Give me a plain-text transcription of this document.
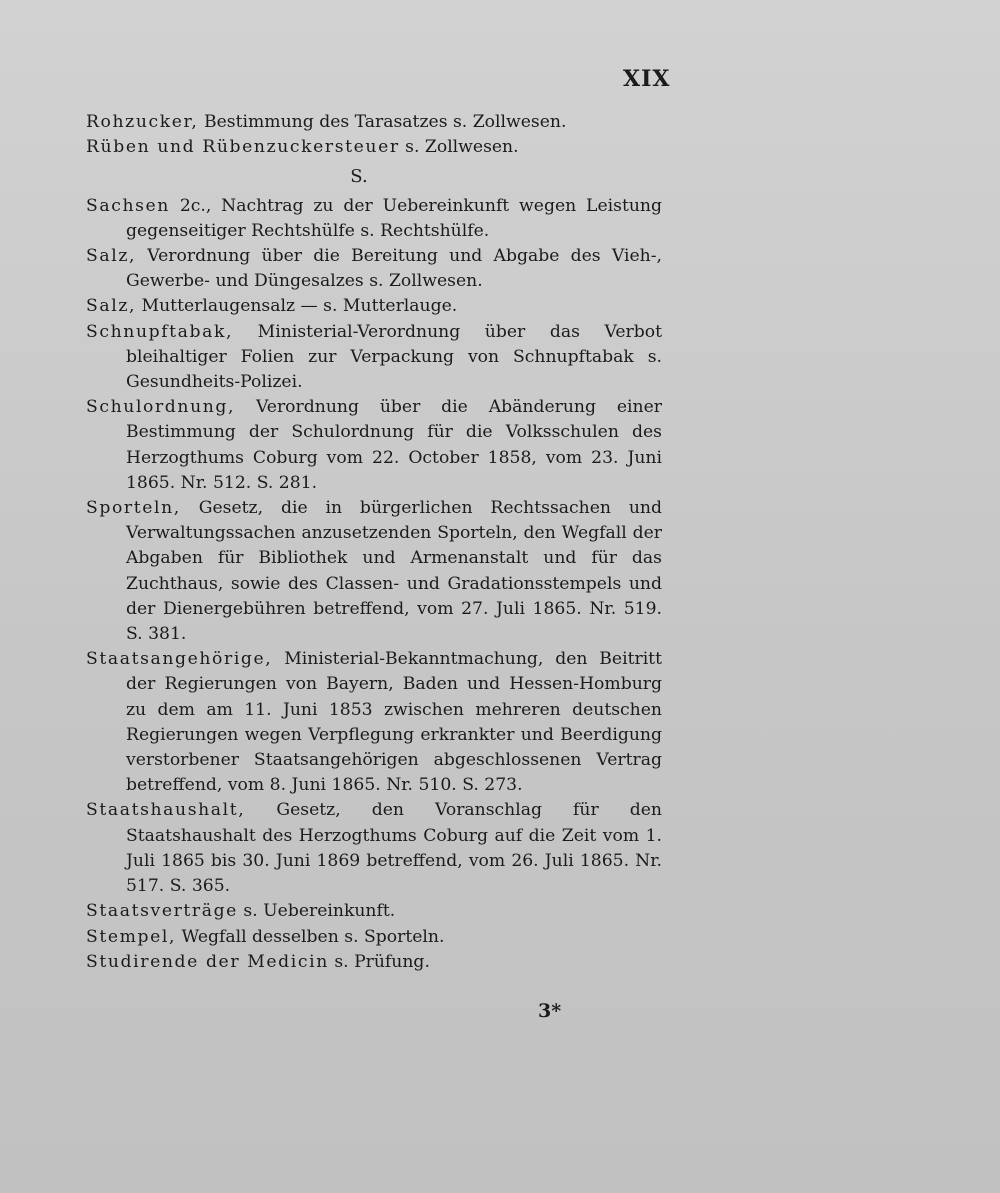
XIX

Rohzucker, Bestimmung des Tarasatzes s. Zollwesen.

Rüben und Rübenzuckersteuer s. Zollwesen.

S.

Sachsen 2c., Nachtrag zu der Uebereinkunft wegen Leistung gegenseitiger Rechtshülfe s. Rechtshülfe.

Salz, Verordnung über die Bereitung und Abgabe des Vieh-, Gewerbe- und Düngesalzes s. Zollwesen.

Salz, Mutterlaugensalz — s. Mutterlauge.

Schnupftabak, Ministerial-Verordnung über das Verbot bleihaltiger Folien zur Verpackung von Schnupftabak s. Gesundheits-Polizei.

Schulordnung, Verordnung über die Abänderung einer Bestimmung der Schulordnung für die Volksschulen des Herzogthums Coburg vom 22. October 1858, vom 23. Juni 1865. Nr. 512. S. 281.

Sporteln, Gesetz, die in bürgerlichen Rechtssachen und Verwaltungssachen anzusetzenden Sporteln, den Wegfall der Abgaben für Bibliothek und Armenanstalt und für das Zuchthaus, sowie des Classen- und Gradationsstempels und der Dienergebühren betreffend, vom 27. Juli 1865. Nr. 519. S. 381.

Staatsangehörige, Ministerial-Bekanntmachung, den Beitritt der Regierungen von Bayern, Baden und Hessen-Homburg zu dem am 11. Juni 1853 zwischen mehreren deutschen Regierungen wegen Verpflegung erkrankter und Beerdigung verstorbener Staatsangehörigen abgeschlossenen Vertrag betreffend, vom 8. Juni 1865. Nr. 510. S. 273.

Staatshaushalt, Gesetz, den Voranschlag für den Staatshaushalt des Herzogthums Coburg auf die Zeit vom 1. Juli 1865 bis 30. Juni 1869 betreffend, vom 26. Juli 1865. Nr. 517. S. 365.

Staatsverträge s. Uebereinkunft.

Stempel, Wegfall desselben s. Sporteln.

Studirende der Medicin s. Prüfung.

3*
